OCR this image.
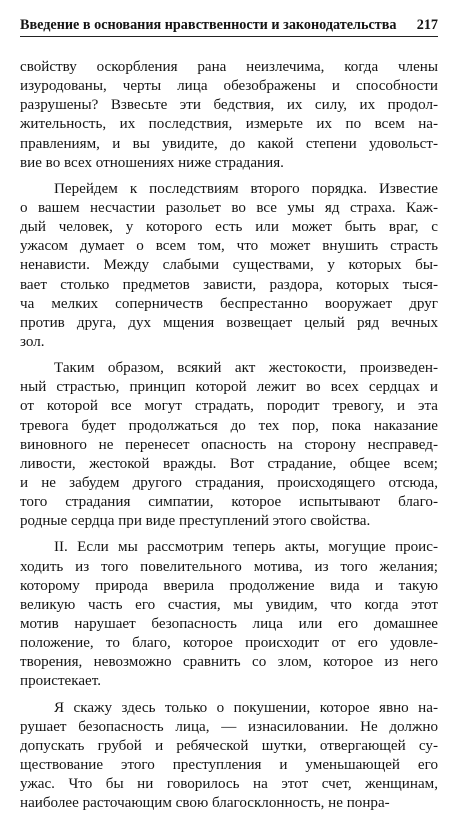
Введение в основания нравственности и законодательства 217
свойству оскорбления рана неизлечима, когда члены
изуродованы, черты лица обезображены и способности
разрушены? Взвесьте эти бедствия, их силу, их продол-
жительность, их последствия, измерьте их по всем на-
правлениям, и вы увидите, до какой степени удовольст-
вие во всех отношениях ниже страдания.
Перейдем к последствиям второго порядка. Известие
о вашем несчастии разольет во все умы яд страха. Каж-
дый человек, у которого есть или может быть враг, с
ужасом думает о всем том, что может внушить страсть
ненависти. Между слабыми существами, у которых бы-
вает столько предметов зависти, раздора, которых тыся-
ча мелких соперничеств беспрестанно вооружает друг
против друга, дух мщения возвещает целый ряд вечных
зол.
Таким образом, всякий акт жестокости, произведен-
ный страстью, принцип которой лежит во всех сердцах и
от которой все могут страдать, породит тревогу, и эта
тревога будет продолжаться до тех пор, пока наказание
виновного не перенесет опасность на сторону несправед-
ливости, жестокой вражды. Вот страдание, общее всем;
и не забудем другого страдания, происходящего отсюда,
того страдания симпатии, которое испытывают благо-
родные сердца при виде преступлений этого свойства.
II. Если мы рассмотрим теперь акты, могущие проис-
ходить из того повелительного мотива, из того желания;
которому природа вверила продолжение вида и такую
великую часть его счастия, мы увидим, что когда этот
мотив нарушает безопасность лица или его домашнее
положение, то благо, которое происходит от его удовле-
творения, невозможно сравнить со злом, которое из него
проистекает.
Я скажу здесь только о покушении, которое явно на-
рушает безопасность лица, — изнасиловании. Не должно
допускать грубой и ребяческой шутки, отвергающей су-
ществование этого преступления и уменьшающей его
ужас. Что бы ни говорилось на этот счет, женщинам,
наиболее расточающим свою благосклонность, не понра-
